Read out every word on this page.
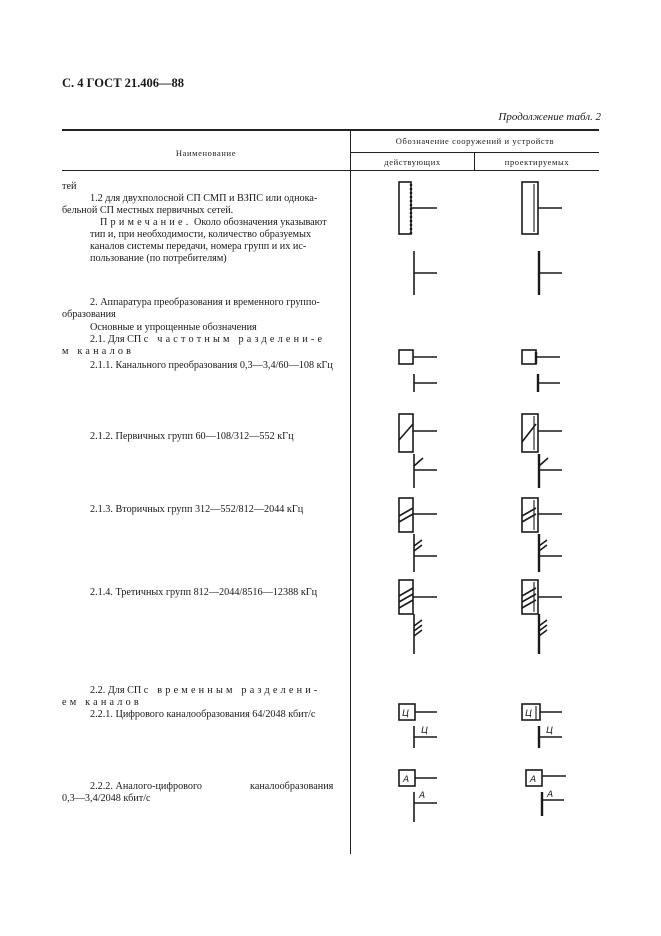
С. 4 ГОСТ 21.406—88
Продолжение табл. 2
Наименование
Обозначение сооружений и устройств
действующих	проектируемых
тей
1.2 для двухполосной СП СМП и ВЗПС или однока-
бельной СП местных первичных сетей.
Примечание. Около обозначения указывают
тип и, при необходимости, количество образуемых
каналов системы передачи, номера групп и их ис-
пользование (по потребителям)
2. Аппаратура преобразования и временного группо-
образования
Основные и упрощенные обозначения
2.1. Для СП с частотным разделени-е
м каналов
2.1.1. Канального преобразования 0,3—3,4/60—108 кГц
2.1.2. Первичных групп 60—108/312—552 кГц
2.1.3. Вторичных групп 312—552/812—2044 кГц
2.1.4. Третичных групп 812—2044/8516—12388 кГц
2.2. Для СП с временным разделени-
ем каналов
2.2.1. Цифрового каналообразования 64/2048 кбит/с
2.2.2. Аналого-цифрового	каналообразования
0,3—3,4/2048 кбит/с
Ц
Ц
Ц
Ц
А
А
А
А
